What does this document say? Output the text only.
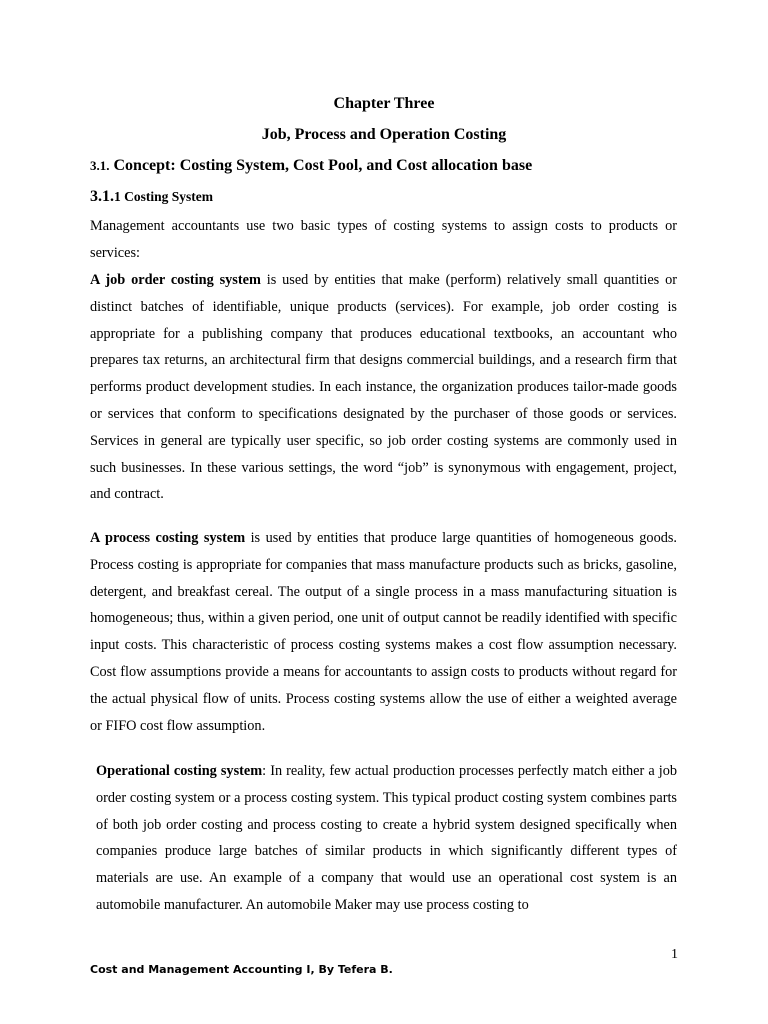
Chapter Three
Job, Process and Operation Costing
3.1. Concept: Costing System, Cost Pool, and Cost allocation base
3.1.1 Costing System

Management accountants use two basic types of costing systems to assign costs to products or services:

A job order costing system is used by entities that make (perform) relatively small quantities or distinct batches of identifiable, unique products (services). For example, job order costing is appropriate for a publishing company that produces educational textbooks, an accountant who prepares tax returns, an architectural firm that designs commercial buildings, and a research firm that performs product development studies. In each instance, the organization produces tailor-made goods or services that conform to specifications designated by the purchaser of those goods or services. Services in general are typically user specific, so job order costing systems are commonly used in such businesses. In these various settings, the word “job” is synonymous with engagement, project, and contract.

A process costing system is used by entities that produce large quantities of homogeneous goods. Process costing is appropriate for companies that mass manufacture products such as bricks, gasoline, detergent, and breakfast cereal. The output of a single process in a mass manufacturing situation is homogeneous; thus, within a given period, one unit of output cannot be readily identified with specific input costs. This characteristic of process costing systems makes a cost flow assumption necessary. Cost flow assumptions provide a means for accountants to assign costs to products without regard for the actual physical flow of units. Process costing systems allow the use of either a weighted average or FIFO cost flow assumption.

Operational costing system: In reality, few actual production processes perfectly match either a job order costing system or a process costing system. This typical product costing system combines parts of both job order costing and process costing to create a hybrid system designed specifically when companies produce large batches of similar products in which significantly different types of materials are use. An example of a company that would use an operational cost system is an automobile manufacturer. An automobile Maker may use process costing to

1
Cost and Management Accounting I, By Tefera B.
